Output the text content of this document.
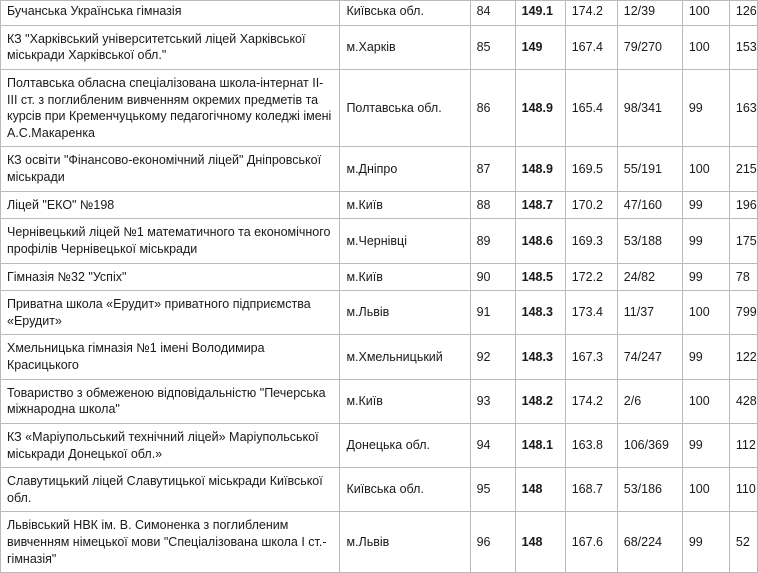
Бучанська Українська гімназія	Київська обл.	84	149.1	174.2	12/39	100	126
КЗ "Харківський університетський ліцей Харківської міськради Харківської обл."	м.Харків	85	149	167.4	79/270	100	153
Полтавська обласна спеціалізована школа-інтернат ІІ-ІІІ ст. з поглибленим вивченням окремих предметів та курсів при Кременчуцькому педагогічному коледжі імені А.С.Макаренка	Полтавська обл.	86	148.9	165.4	98/341	99	163
КЗ освіти "Фінансово-економічний ліцей" Дніпровської міськради	м.Дніпро	87	148.9	169.5	55/191	100	215
Ліцей "ЕКО" №198	м.Київ	88	148.7	170.2	47/160	99	196
Чернівецький ліцей №1 математичного та економічного профілів Чернівецької міськради	м.Чернівці	89	148.6	169.3	53/188	99	175
Гімназія №32 "Успіх"	м.Київ	90	148.5	172.2	24/82	99	78
Приватна школа «Ерудит» приватного підприємства «Ерудит»	м.Львів	91	148.3	173.4	11/37	100	799
Хмельницька гімназія №1 імені Володимира Красицького	м.Хмельницький	92	148.3	167.3	74/247	99	122
Товариство з обмеженою відповідальністю "Печерська міжнародна школа"	м.Київ	93	148.2	174.2	2/6	100	428
КЗ «Маріупольський технічний ліцей» Маріупольської міськради Донецької обл.»	Донецька обл.	94	148.1	163.8	106/369	99	112
Славутицький ліцей Славутицької міськради Київської обл.	Київська обл.	95	148	168.7	53/186	100	110
Львівський НВК ім. В. Симоненка з поглибленим вивченням німецької мови "Спеціалізована школа І ст.-гімназія"	м.Львів	96	148	167.6	68/224	99	52
